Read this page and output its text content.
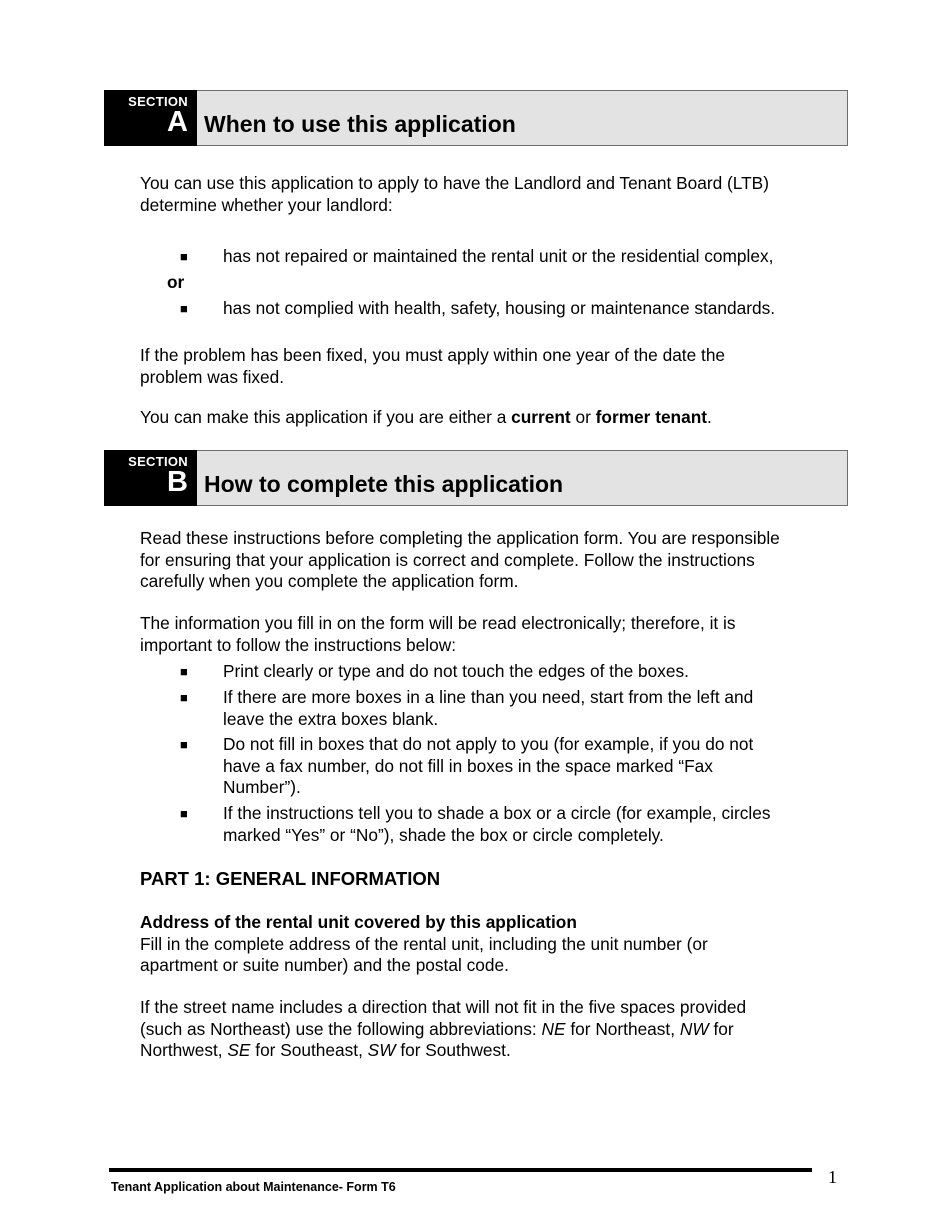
SECTION
A When to use this application
You can use this application to apply to have the Landlord and Tenant Board (LTB)
determine whether your landlord:
■	has not repaired or maintained the rental unit or the residential complex,
or
■	has not complied with health, safety, housing or maintenance standards.
If the problem has been fixed, you must apply within one year of the date the
problem was fixed.
You can make this application if you are either a current or former tenant.
SECTION
B How to complete this application
Read these instructions before completing the application form. You are responsible
for ensuring that your application is correct and complete. Follow the instructions
carefully when you complete the application form.
The information you fill in on the form will be read electronically; therefore, it is
important to follow the instructions below:
■	Print clearly or type and do not touch the edges of the boxes.
■	If there are more boxes in a line than you need, start from the left and
leave the extra boxes blank.
■	Do not fill in boxes that do not apply to you (for example, if you do not
have a fax number, do not fill in boxes in the space marked “Fax
Number”).
■	If the instructions tell you to shade a box or a circle (for example, circles
marked “Yes” or “No”), shade the box or circle completely.
PART 1: GENERAL INFORMATION
Address of the rental unit covered by this application
Fill in the complete address of the rental unit, including the unit number (or
apartment or suite number) and the postal code.
If the street name includes a direction that will not fit in the five spaces provided
(such as Northeast) use the following abbreviations: NE for Northeast, NW for
Northwest, SE for Southeast, SW for Southwest.
Tenant Application about Maintenance- Form T6	1
